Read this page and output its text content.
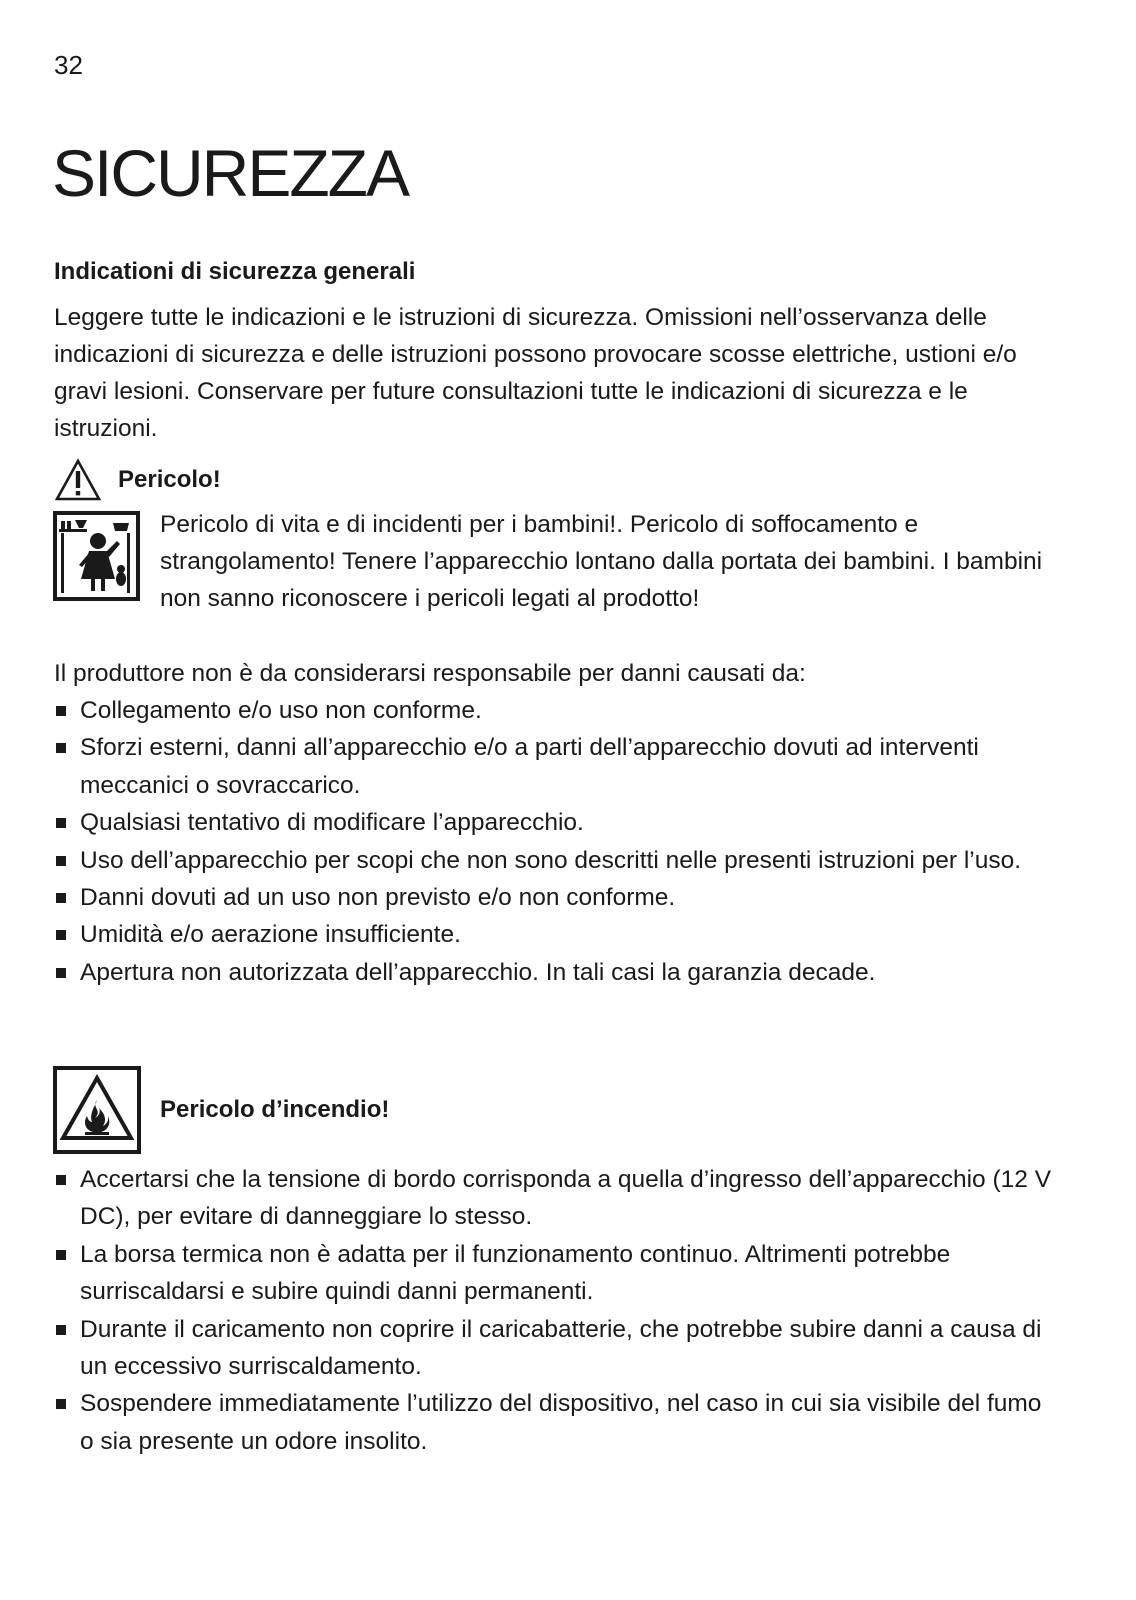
32
SICUREZZA
Indicationi di sicurezza generali

Leggere tutte le indicazioni e le istruzioni di sicurezza. Omissioni nell’osservanza delle indicazioni di sicurezza e delle istruzioni possono provocare scosse elettriche, ustioni e/o gravi lesioni. Conservare per future consultazioni tutte le indicazioni di sicurezza e le istruzioni.

Pericolo!

Pericolo di vita e di incidenti per i bambini!. Pericolo di soffocamento e strangolamento! Tenere l’apparecchio lontano dalla portata dei bambini. I bambini non sanno riconoscere i pericoli legati al prodotto!

Il produttore non è da considerarsi responsabile per danni causati da:

Collegamento e/o uso non conforme.
Sforzi esterni, danni all’apparecchio e/o a parti dell’apparecchio dovuti ad interventi meccanici o sovraccarico.
Qualsiasi tentativo di modificare l’apparecchio.
Uso dell’apparecchio per scopi che non sono descritti nelle presenti istruzioni per l’uso.
Danni dovuti ad un uso non previsto e/o non conforme.
Umidità e/o aerazione insufficiente.
Apertura non autorizzata dell’apparecchio. In tali casi la garanzia decade.
Pericolo d’incendio!
Accertarsi che la tensione di bordo corrisponda a quella d’ingresso dell’apparecchio (12 V DC), per evitare di danneggiare lo stesso.
La borsa termica non è adatta per il funzionamento continuo. Altrimenti potrebbe surriscaldarsi e subire quindi danni permanenti.
Durante il caricamento non coprire il caricabatterie, che potrebbe subire danni a causa di un eccessivo surriscaldamento.
Sospendere immediatamente l’utilizzo del dispositivo, nel caso in cui sia visibile del fumo o sia presente un odore insolito.
